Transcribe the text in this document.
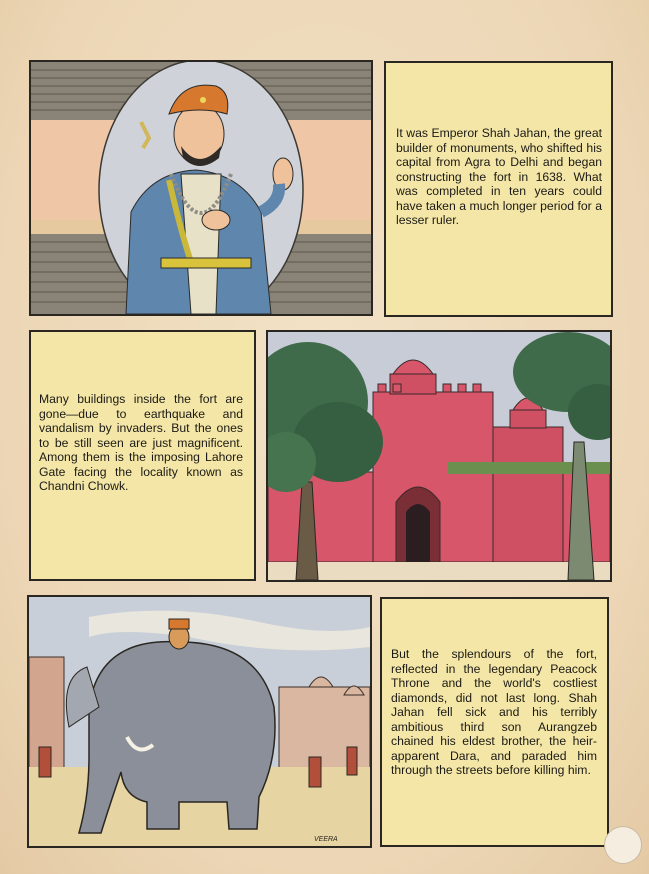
It was Emperor Shah Jahan, the great builder of monuments, who shifted his capital from Agra to Delhi and began constructing the fort in 1638. What was completed in ten years could have taken a much longer period for a lesser ruler.
Many buildings inside the fort are gone—due to earthquake and vandalism by invaders. But the ones to be still seen are just magnificent. Among them is the imposing Lahore Gate facing the locality known as Chandni Chowk.
VEERA
But the splendours of the fort, reflected in the legendary Peacock Throne and the world's costliest diamonds, did not last long. Shah Jahan fell sick and his terribly ambitious third son Aurangzeb chained his eldest brother, the heir-apparent Dara, and paraded him through the streets before killing him.
